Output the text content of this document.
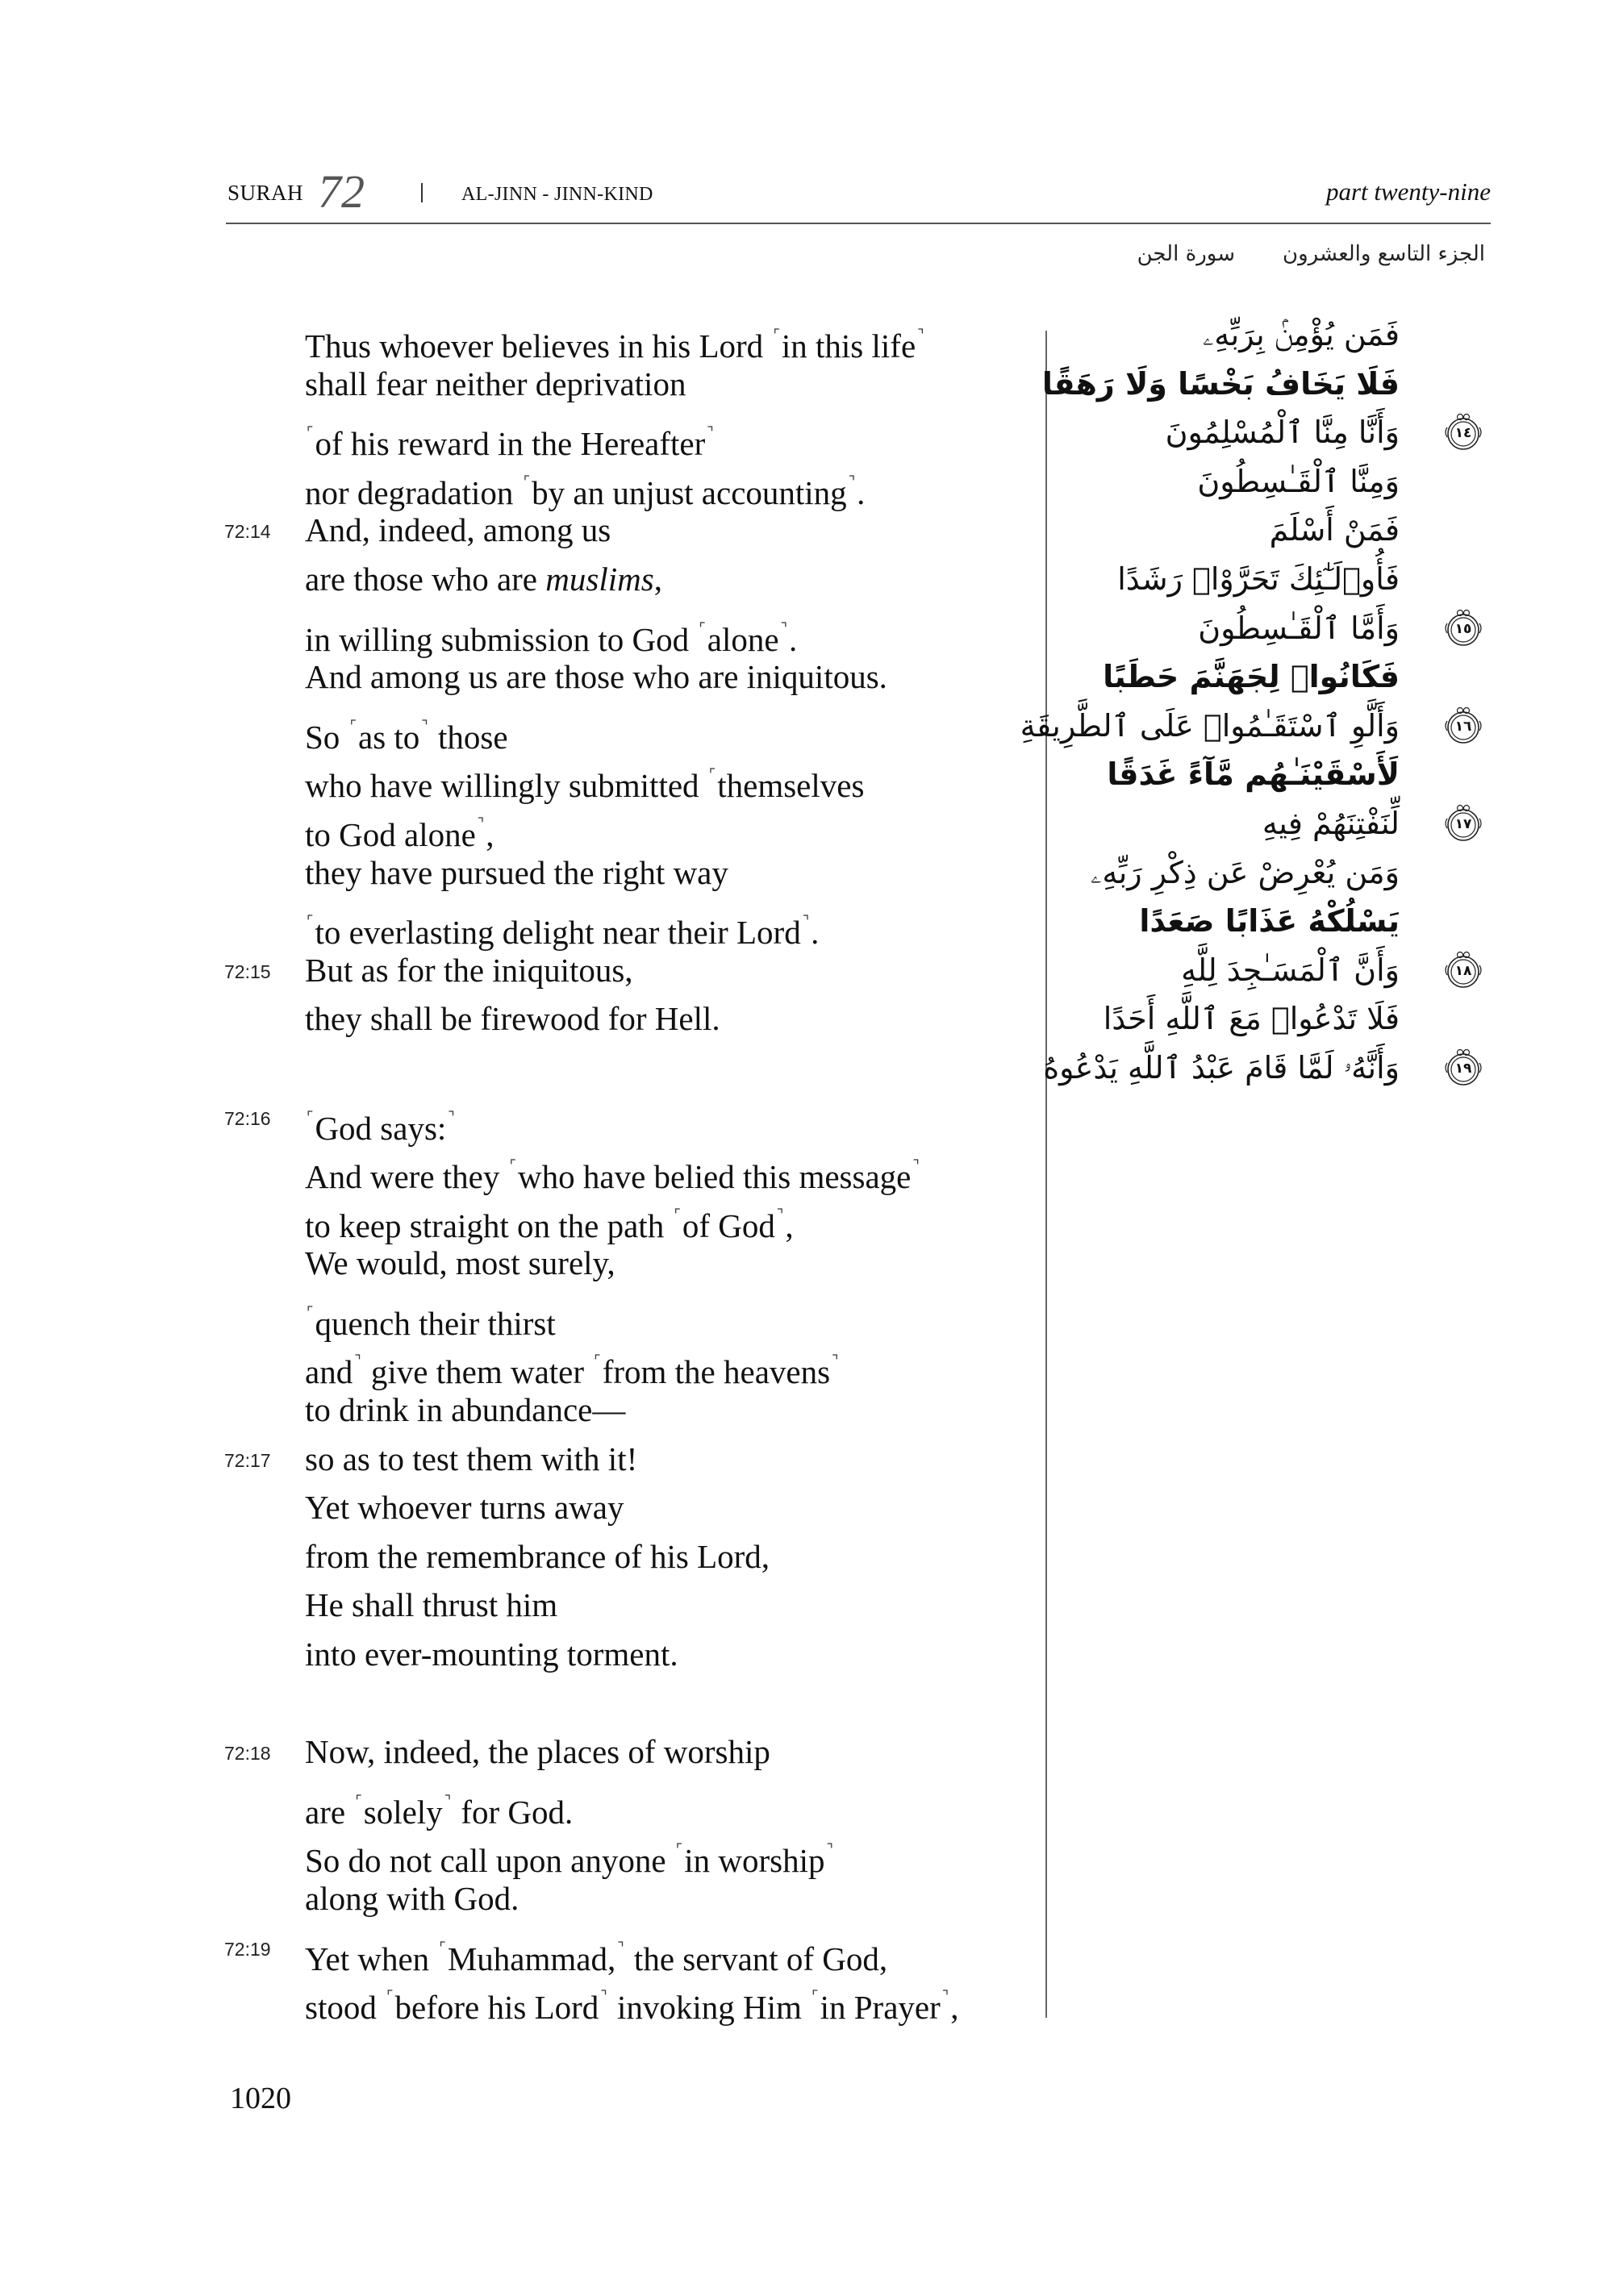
SURAH 72	AL-JINN - JINN-KIND	part twenty-nine
الجزء التاسع والعشرون
سورة الجن
Thus whoever believes in his Lord ⌜in this life ⌝
shall fear neither deprivation
⌜of his reward in the Hereafter ⌝
nor degradation ⌜by an unjust accounting ⌝.
72:14 And, indeed, among us
are those who are muslims,
in willing submission to God ⌜alone ⌝.
And among us are those who are iniquitous.
So ⌜as to ⌝ those
who have willingly submitted ⌜themselves
to God alone ⌝,
they have pursued the right way
⌜to everlasting delight near their Lord ⌝.
72:15 But as for the iniquitous,
they shall be firewood for Hell.
72:16 ⌜God says: ⌝
And were they ⌜who have belied this message ⌝
to keep straight on the path ⌜of God ⌝,
We would, most surely,
⌜quench their thirst
and ⌝ give them water ⌜from the heavens ⌝
to drink in abundance—
72:17 so as to test them with it!
Yet whoever turns away
from the remembrance of his Lord,
He shall thrust him
into ever-mounting torment.
72:18 Now, indeed, the places of worship
are ⌜solely ⌝ for God.
So do not call upon anyone ⌜in worship ⌝
along with God.
72:19 Yet when ⌜Muhammad, ⌝ the servant of God,
stood ⌜before his Lord ⌝ invoking Him ⌜in Prayer ⌝,
فَمَن يُؤْمِنۢ بِرَبِّهِۦ
فَلَا يَخَافُ بَخْسًا وَلَا رَهَقًا
وَأَنَّا مِنَّا ٱلْمُسْلِمُونَ	١٤
وَمِنَّا ٱلْقَـٰسِطُونَ
فَمَنْ أَسْلَمَ
فَأُو۟لَـٰٓئِكَ تَحَرَّوْا۟ رَشَدًا
وَأَمَّا ٱلْقَـٰسِطُونَ	١٥
فَكَانُوا۟ لِجَهَنَّمَ حَطَبًا
وَأَلَّوِ ٱسْتَقَـٰمُوا۟ عَلَى ٱلطَّرِيقَةِ	١٦
لَأَسْقَيْنَـٰهُم مَّآءً غَدَقًا
لِّنَفْتِنَهُمْ فِيهِ	١٧
وَمَن يُعْرِضْ عَن ذِكْرِ رَبِّهِۦ
يَسْلُكْهُ عَذَابًا صَعَدًا
وَأَنَّ ٱلْمَسَـٰجِدَ لِلَّهِ	١٨
فَلَا تَدْعُوا۟ مَعَ ٱللَّهِ أَحَدًا
وَأَنَّهُۥ لَمَّا قَامَ عَبْدُ ٱللَّهِ يَدْعُوهُ	١٩
1020
